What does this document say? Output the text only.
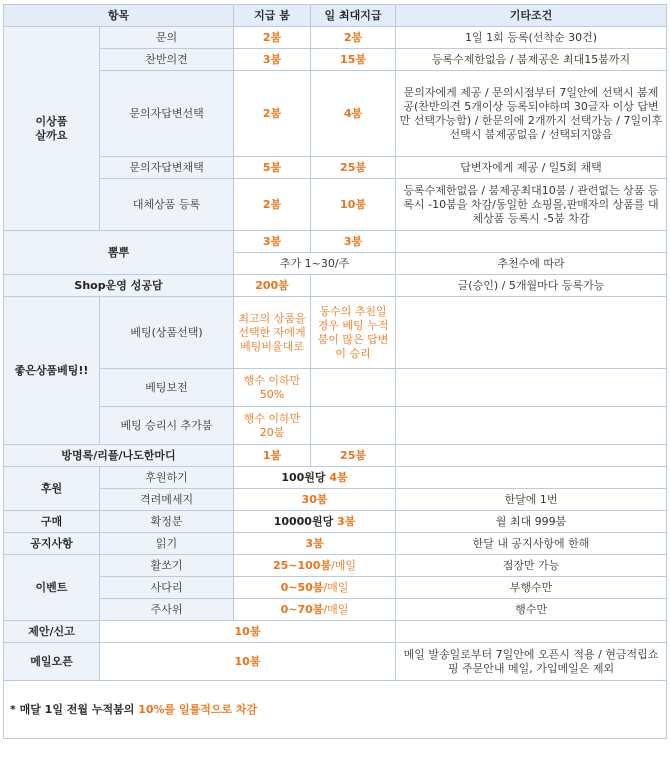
항목		지급 붐	일 최대지급	기타조건
이상품
살까요	문의	2붐	2붐	1일 1회 등록(선착순 30건)
	찬반의견	3붐	15붐	등록수제한없음 / 붐제공은 최대15붐까지
	문의자답변선택	2붐	4붐	문의자에게 제공 / 문의시점부터 7일안에 선택시 붐제공(찬반의견 5개이상 등록되야하며 30글자 이상 답변만 선택가능함) / 한문의에 2개까지 선택가능 / 7일이후 선택시 붐제공없음 / 선택되지않음
	문의자답변채택	5붐	25붐	답변자에게 제공 / 일5회 채택
	대체상품 등록	2붐	10붐	등록수제한없음 / 붐제공최대10붐 / 관련없는 상품 등록시 -10붐을 차감/동일한 쇼핑몰,판매자의 상품를 대체상품 등록시 -5붐 차감
뽐뿌		3붐	3붐	
		추가 1~30/주		추천수에 따라
Shop운영 성공담		200붐		글(승인) / 5개월마다 등록가능
좋은상품베팅!!	베팅(상품선택)	최고의 상품을 선택한 자에게 베팅비율대로	동수의 추천일 경우 베팅 누적붐이 많은 답변이 승리	
	베팅보전	행수 이하만 50%		
	베팅 승리시 추가붐	행수 이하만 20붐		
방명록/리플/나도한마디		1붐	25붐	
후원	후원하기	100원당 4붐		
	격려메세지	30붐		한달에 1번
구매	확정분	10000원당 3붐		월 최대 999붐
공지사항	읽기	3붐		한달 내 공지사항에 한해
이벤트	활쏘기	25~100붐/매일		점장만 가능
	사다리	0~50붐/매일		부행수만
	주사위	0~70붐/매일		행수만
제안/신고	10붐			
메일오픈	10붐			메일 발송일로부터 7일안에 오픈시 적용 / 현금적립쇼핑 주문안내 메일, 가입메일은 제외
* 매달 1일 전월 누적붐의 10%를 일률적으로 차감				
